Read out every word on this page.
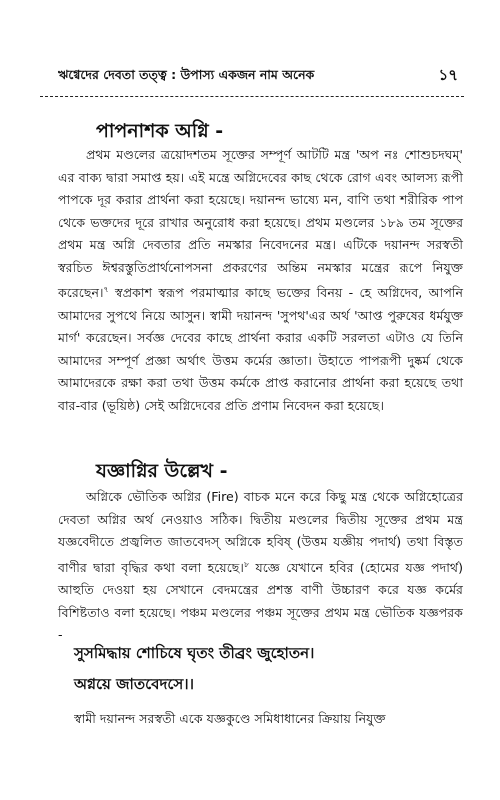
ঋগ্বেদের দেবতা তত্ত্ব : উপাস্য একজন নাম অনেক	১৭
পাপনাশক অগ্নি -
প্রথম মণ্ডলের ত্রয়োদশতম সূক্তের সম্পূর্ণ আটটি মন্ত্র 'অপ নঃ শোশুচদঘম্' এর বাক্য দ্বারা সমাপ্ত হয়। এই মন্ত্রে অগ্নিদেবের কাছ থেকে রোগ এবং আলস্য রূপী পাপকে দূর করার প্রার্থনা করা হয়েছে। দয়ানন্দ ভাষ্যে মন, বাণি তথা শরীরিক পাপ থেকে ভক্তদের দূরে রাখার অনুরোধ করা হয়েছে। প্রথম মণ্ডলের ১৮৯ তম সূক্তের প্রথম মন্ত্র অগ্নি দেবতার প্রতি নমস্কার নিবেদনের মন্ত্র। এটিকে দয়ানন্দ সরস্বতী স্বরচিত ঈশ্বরস্তুতিপ্রার্থনোপসনা প্রকরণের অন্তিম নমস্কার মন্ত্রের রূপে নিযুক্ত করেছেন।$^৭$ স্বপ্রকাশ স্বরূপ পরমাত্মার কাছে ভক্তের বিনয় - হে অগ্নিদেব, আপনি আমাদের সুপথে নিয়ে আসুন। স্বামী দয়ানন্দ 'সুপথ'এর অর্থ 'আপ্ত পুরুষের ধর্মযুক্ত মার্গ' করেছেন। সর্বজ্ঞ দেবের কাছে প্রার্থনা করার একটি সরলতা এটাও যে তিনি আমাদের সম্পূর্ণ প্রজ্ঞা অর্থাৎ উত্তম কর্মের জ্ঞাতা। উহাতে পাপরূপী দুষ্কর্ম থেকে আমাদেরকে রক্ষা করা তথা উত্তম কর্মকে প্রাপ্ত করানোর প্রার্থনা করা হয়েছে তথা বার-বার (ভূয়িষ্ঠ) সেই অগ্নিদেবের প্রতি প্রণাম নিবেদন করা হয়েছে।
যজ্ঞাগ্নির উল্লেখ -
অগ্নিকে ভৌতিক অগ্নির (Fire) বাচক মনে করে কিছু মন্ত্র থেকে অগ্নিহোত্রের দেবতা অগ্নির অর্থ নেওয়াও সঠিক। দ্বিতীয় মণ্ডলের দ্বিতীয় সূক্তের প্রথম মন্ত্র যজ্ঞবেদীতে প্রজ্বলিত জাতবেদস্ অগ্নিকে হবিষ্ (উত্তম যজ্ঞীয় পদার্থ) তথা বিস্তৃত বাণীর দ্বারা বৃদ্ধির কথা বলা হয়েছে।$^৮$ যজ্ঞে যেখানে হবির (হোমের যজ্ঞ পদার্থ) আহুতি দেওয়া হয় সেখানে বেদমন্ত্রের প্রশস্ত বাণী উচ্চারণ করে যজ্ঞ কর্মের বিশিষ্টতাও বলা হয়েছে। পঞ্চম মণ্ডলের পঞ্চম সূক্তের প্রথম মন্ত্র ভৌতিক যজ্ঞপরক -
সুসমিদ্ধায় শোচিষে ঘৃতং তীব্রং জুহোতন।
অগ্নয়ে জাতবেদসে।।
স্বামী দয়ানন্দ সরস্বতী একে যজ্ঞকুণ্ডে সমিধাধানের ক্রিয়ায় নিযুক্ত
